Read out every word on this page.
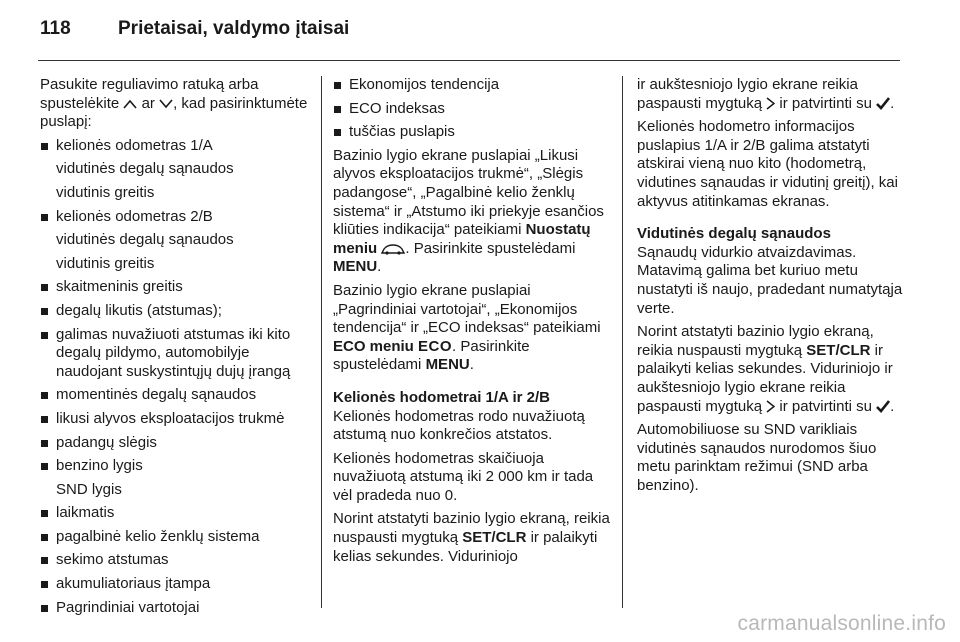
118	Prietaisai, valdymo įtaisai

Pasukite reguliavimo ratuką arba spustelėkite ar , kad pasirinktumėte puslapį:

kelionės odometras 1/A
vidutinės degalų sąnaudos
vidutinis greitis
kelionės odometras 2/B
vidutinės degalų sąnaudos
vidutinis greitis
skaitmeninis greitis
degalų likutis (atstumas);
galimas nuvažiuoti atstumas iki kito degalų pildymo, automobilyje naudojant suskystintųjų dujų įrangą
momentinės degalų sąnaudos
likusi alyvos eksploatacijos trukmė
padangų slėgis
benzino lygis
SND lygis
laikmatis
pagalbinė kelio ženklų sistema
sekimo atstumas
akumuliatoriaus įtampa
Pagrindiniai vartotojai
Ekonomijos tendencija
ECO indeksas
tuščias puslapis

Bazinio lygio ekrane puslapiai „Likusi alyvos eksploatacijos trukmė“, „Slėgis padangose“, „Pagalbinė kelio ženklų sistema“ ir „Atstumo iki priekyje esančios kliūties indikacija“ pateikiami Nuostatų meniu . Pasirinkite spustelėdami MENU.

Bazinio lygio ekrane puslapiai „Pagrindiniai vartotojai“, „Ekonomijos tendencija“ ir „ECO indeksas“ pateikiami ECO meniu ECO. Pasirinkite spustelėdami MENU.

Kelionės hodometrai 1/A ir 2/B

Kelionės hodometras rodo nuvažiuotą atstumą nuo konkrečios atstatos.

Kelionės hodometras skaičiuoja nuvažiuotą atstumą iki 2 000 km ir tada vėl pradeda nuo 0.

Norint atstatyti bazinio lygio ekraną, reikia nuspausti mygtuką SET/CLR ir palaikyti kelias sekundes. Viduriniojo

ir aukštesniojo lygio ekrane reikia paspausti mygtuką ir patvirtinti su .

Kelionės hodometro informacijos puslapius 1/A ir 2/B galima atstatyti atskirai vieną nuo kito (hodometrą, vidutines sąnaudas ir vidutinį greitį), kai aktyvus atitinkamas ekranas.

Vidutinės degalų sąnaudos

Sąnaudų vidurkio atvaizdavimas. Matavimą galima bet kuriuo metu nustatyti iš naujo, pradedant numatytąja verte.

Norint atstatyti bazinio lygio ekraną, reikia nuspausti mygtuką SET/CLR ir palaikyti kelias sekundes. Viduriniojo ir aukštesniojo lygio ekrane reikia paspausti mygtuką ir patvirtinti su .

Automobiliuose su SND varikliais vidutinės sąnaudos nurodomos šiuo metu parinktam režimui (SND arba benzino).

carmanualsonline.info
